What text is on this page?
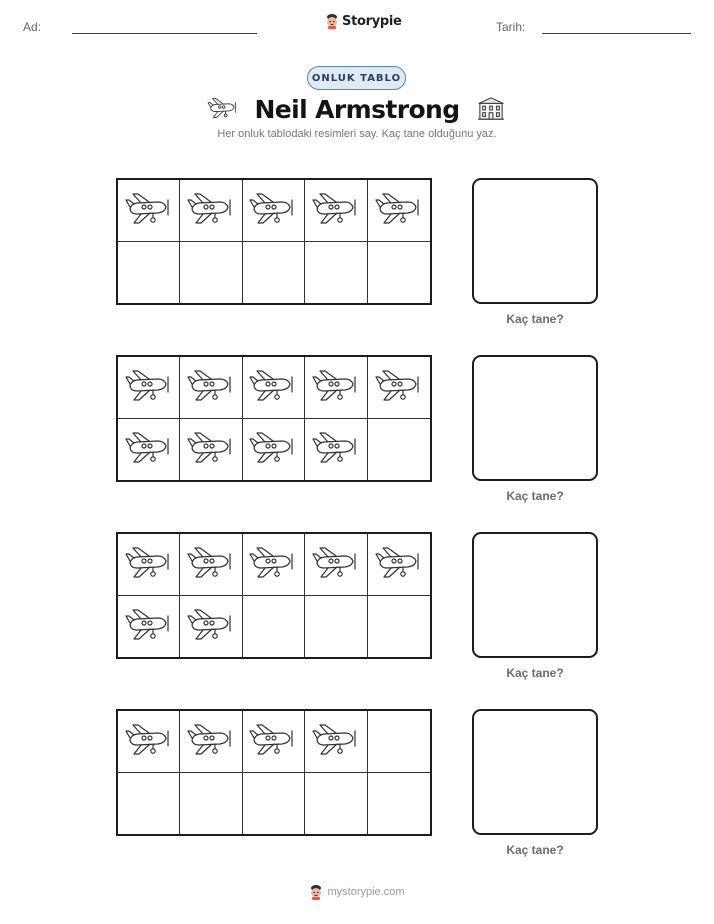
Ad:	Storypie	Tarih:
ONLUK TABLO
Neil Armstrong

Her onluk tablodaki resimleri say. Kaç tane olduğunu yaz.

Kaç tane?
Kaç tane?
Kaç tane?
Kaç tane?
mystorypie.com
